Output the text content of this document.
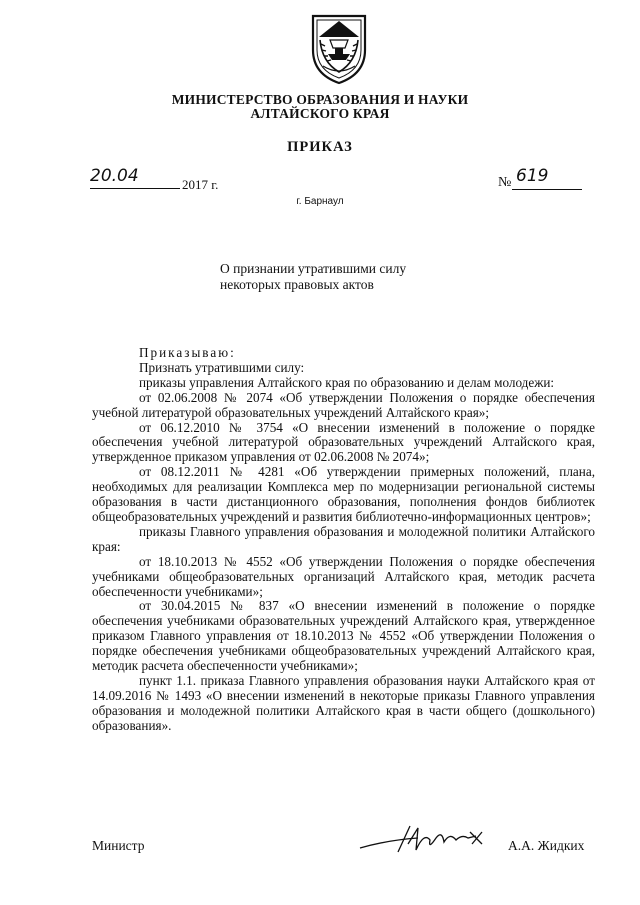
МИНИСТЕРСТВО ОБРАЗОВАНИЯ И НАУКИ
АЛТАЙСКОГО КРАЯ
ПРИКАЗ
20.04	2017 г.	№ 619
г. Барнаул
О признании утратившими силу
некоторых правовых актов

Приказываю:

Признать утратившими силу:

приказы управления Алтайского края по образованию и делам молодежи:

от 02.06.2008 № 2074 «Об утверждении Положения о порядке обеспечения учебной литературой образовательных учреждений Алтайского края»;

от 06.12.2010 № 3754 «О внесении изменений в положение о порядке обеспечения учебной литературой образовательных учреждений Алтайского края, утвержденное приказом управления от 02.06.2008 № 2074»;

от 08.12.2011 № 4281 «Об утверждении примерных положений, плана, необходимых для реализации Комплекса мер по модернизации региональной системы образования в части дистанционного образования, пополнения фондов библиотек общеобразовательных учреждений и развития библиотечно-информационных центров»;

приказы Главного управления образования и молодежной политики Алтайского края:

от 18.10.2013 № 4552 «Об утверждении Положения о порядке обеспечения учебниками общеобразовательных организаций Алтайского края, методик расчета обеспеченности учебниками»;

от 30.04.2015 № 837 «О внесении изменений в положение о порядке обеспечения учебниками образовательных учреждений Алтайского края, утвержденное приказом Главного управления от 18.10.2013 № 4552 «Об утверждении Положения о порядке обеспечения учебниками общеобразовательных учреждений Алтайского края, методик расчета обеспеченности учебниками»;

пункт 1.1. приказа Главного управления образования науки Алтайского края от 14.09.2016 № 1493 «О внесении изменений в некоторые приказы Главного управления образования и молодежной политики Алтайского края в части общего (дошкольного) образования».

Министр	А.А. Жидких
